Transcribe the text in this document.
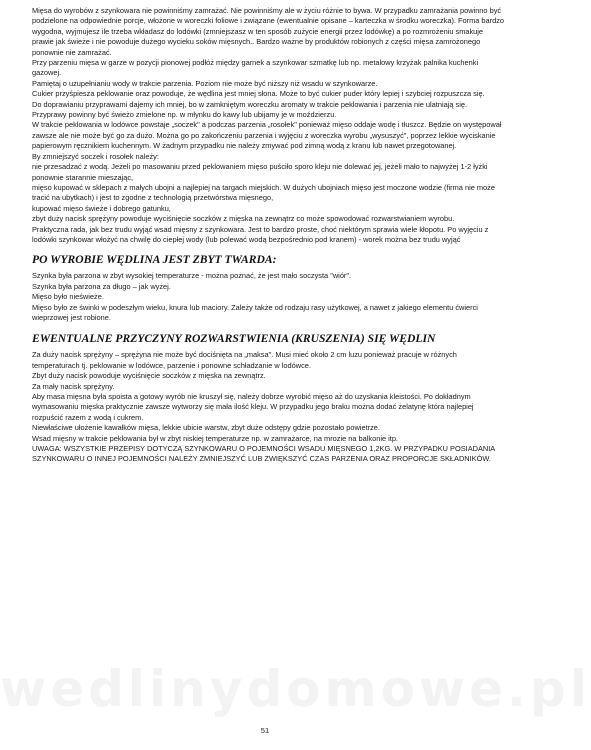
wedlinydomowe.pl

Mięsa do wyrobów z szynkowara nie powinniśmy zamrażać. Nie powinniśmy ale w życiu różnie to bywa. W przypadku zamrażania powinno być podzielone na odpowiednie porcje, włożone w woreczki foliowe i związane (ewentualnie opisane – karteczka w środku woreczka). Forma bardzo wygodna, wyjmujesz ile trzeba wkładasz do lodówki (zmniejszasz w ten sposób zużycie energii przez lodówkę) a po rozmrożeniu smakuje prawie jak świeże i nie powoduje dużego wycieku soków mięsnych.. Bardzo ważne by produktów robionych z części mięsa zamrożonego ponownie nie zamrażać.

Przy parzeniu mięsa w garze w pozycji pionowej podłóż między garnek a szynkowar szmatkę lub np. metalowy krzyżak palnika kuchenki gazowej.

Pamiętaj o uzupełnianiu wody w trakcie parzenia. Poziom nie może być niższy niż wsadu w szynkowarze.

Cukier przyśpiesza peklowanie oraz powoduje, że wędlina jest mniej słona. Może to być cukier puder który lepiej i szybciej rozpuszcza się.

Do doprawianiu przyprawami dajemy ich mniej, bo w zamkniętym woreczku aromaty w trakcie peklowania i parzenia nie ulatniają się.

Przyprawy powinny być świeżo zmielone np. w młynku do kawy lub ubijamy je w moździerzu.

W trakcie peklowania w lodówce powstaje „soczek" a podczas parzenia „rosołek" ponieważ mięso oddaje wodę i tłuszcz. Będzie on występował zawsze ale nie może być go za dużo. Można go po zakończeniu parzenia i wyjęciu z woreczka wyrobu „wysuszyć", poprzez lekkie wyciskanie papierowym ręcznikiem kuchennym. W żadnym przypadku nie należy zmywać pod zimną wodą z kranu lub nawet przegotowanej.

By zmniejszyć soczek i rosołek należy:

nie przesadzać z wodą. Jeżeli po masowaniu przed peklowaniem mięso puściło sporo kleju nie dolewać jej, jeżeli mało to najwyżej 1-2 łyżki ponownie starannie mieszając,

mięso kupować w sklepach z małych ubojni a najlepiej na targach miejskich. W dużych ubojniach mięso jest moczone wodzie (firma nie może tracić na ubytkach) i jest to zgodne z technologią przetwórstwa mięsnego,

kupować mięso świeże i dobrego gatunku,

zbyt duży nacisk sprężyny powoduje wyciśnięcie soczków z mięska na zewnątrz co może spowodować rozwarstwianiem wyrobu.

Praktyczna rada, jak bez trudu wyjąć wsad mięsny z szynkowara. Jest to bardzo proste, choć niektórym sprawia wiele kłopotu. Po wyjęciu z lodówki szynkowar włożyć na chwilę do ciepłej wody (lub polewać wodą bezpośrednio pod kranem) - worek można bez trudu wyjąć

PO WYROBIE WĘDLINA JEST ZBYT TWARDA:

Szynka była parzona w zbyt wysokiej temperaturze - można poznać, że jest mało soczysta "wiór".

Szynka była parzona za długo – jak wyżej.

Mięso było nieświeże.

Mięso było ze świnki w podeszłym wieku, knura lub maciory. Zależy także od rodzaju rasy użytkowej, a nawet z jakiego elementu ćwierci wieprzowej jest robione.

EWENTUALNE PRZYCZYNY ROZWARSTWIENIA (KRUSZENIA) SIĘ WĘDLIN

Za duży nacisk sprężyny – sprężyna nie może być dociśnięta na „maksa". Musi mieć około 2 cm luzu ponieważ pracuje w różnych temperaturach tj. peklowanie w lodówce, parzenie i ponowne schładzanie w lodówce.

Zbyt duży nacisk powoduje wyciśnięcie soczków z mięska na zewnątrz.

Za mały nacisk sprężyny.

Aby masa mięsna była spoista a gotowy wyrób nie kruszył się, należy dobrze wyrobić mięso aż do uzyskania kleistości. Po dokładnym wymasowaniu mięska praktycznie zawsze wytworzy się mała ilość kleju. W przypadku jego braku można dodać żelatynę która najlepiej rozpuścić razem z wodą i cukrem.

Niewłaściwe ułożenie kawałków mięsa, lekkie ubicie warstw, zbyt duże odstępy gdzie pozostało powietrze.

Wsad mięsny w trakcie peklowania był w zbyt niskiej temperaturze np. w zamrażarce, na mrozie na balkonie itp.

UWAGA: WSZYSTKIE PRZEPISY DOTYCZĄ SZYNKOWARU O POJEMNOŚCI WSADU MIĘSNEGO 1,2KG. W PRZYPADKU POSIADANIA SZYNKOWARU O INNEJ POJEMNOŚCI NALEŻY ZMNIEJSZYĆ LUB ZWIĘKSZYĆ CZAS PARZENIA ORAZ PROPORCJE SKŁADNIKÓW.

51
